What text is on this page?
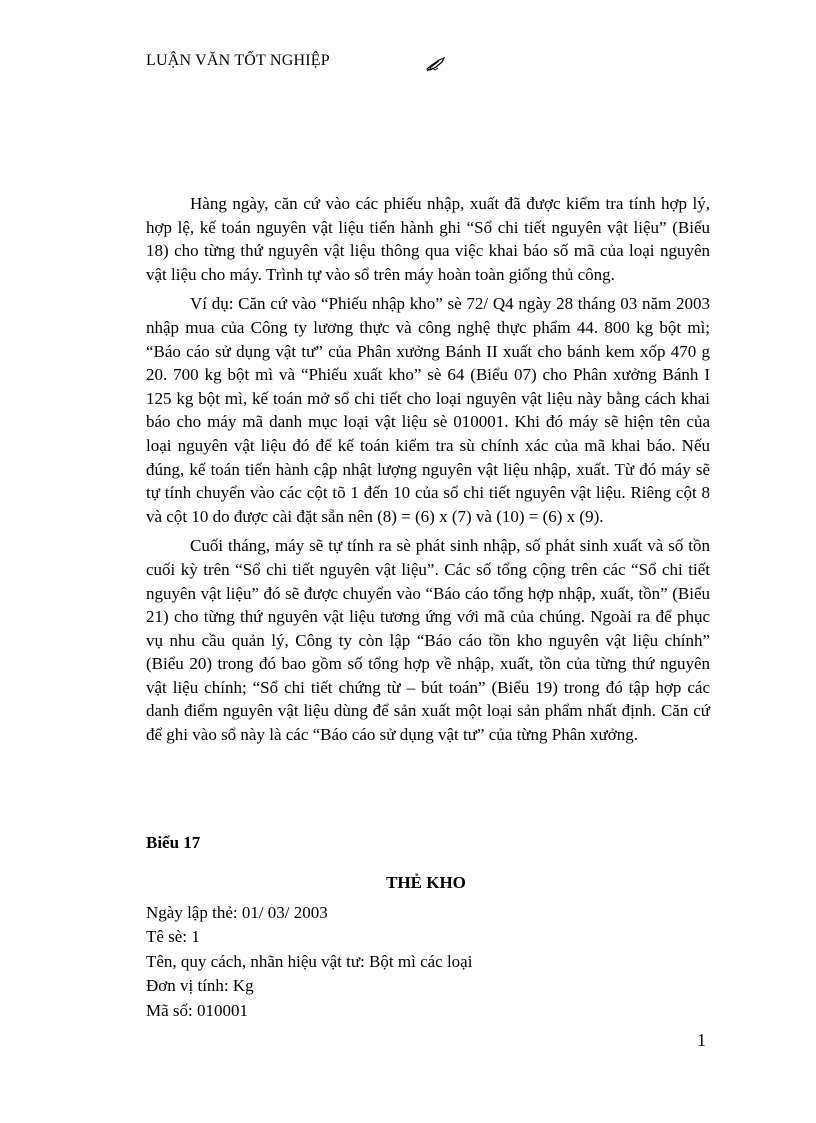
LUẬN VĂN TỐT NGHIỆP

Hàng ngày, căn cứ vào các phiếu nhập, xuất đã được kiểm tra tính hợp lý, hợp lệ, kế toán nguyên vật liệu tiến hành ghi “Sổ chi tiết nguyên vật liệu” (Biểu 18) cho từng thứ nguyên vật liệu thông qua việc khai báo số mã của loại nguyên vật liệu cho máy. Trình tự vào sổ trên máy hoàn toàn giống thủ công.

Ví dụ: Căn cứ vào “Phiếu nhập kho” sè 72/ Q4 ngày 28 tháng 03 năm 2003 nhập mua của Công ty lương thực và công nghệ thực phẩm 44. 800 kg bột mì; “Báo cáo sử dụng vật tư” của Phân xưởng Bánh II xuất cho bánh kem xốp 470 g 20. 700 kg bột mì và “Phiếu xuất kho” sè 64 (Biểu 07) cho Phân xưởng Bánh I 125 kg bột mì, kế toán mở sổ chi tiết cho loại nguyên vật liệu này bằng cách khai báo cho máy mã danh mục loại vật liệu sè 010001. Khi đó máy sẽ hiện tên của loại nguyên vật liệu đó để kế toán kiểm tra sù chính xác của mã khai báo. Nếu đúng, kế toán tiến hành cập nhật lượng nguyên vật liệu nhập, xuất. Từ đó máy sẽ tự tính chuyển vào các cột tõ 1 đến 10 của sổ chi tiết nguyên vật liệu. Riêng cột 8 và cột 10 do được cài đặt sẵn nên (8) = (6) x (7) và (10) = (6) x (9).

Cuối tháng, máy sẽ tự tính ra sè phát sinh nhập, số phát sinh xuất và số tồn cuối kỳ trên “Sổ chi tiết nguyên vật liệu”. Các số tổng cộng trên các “Sổ chi tiết nguyên vật liệu” đó sẽ được chuyển vào “Báo cáo tổng hợp nhập, xuất, tồn” (Biểu 21) cho từng thứ nguyên vật liệu tương ứng với mã của chúng. Ngoài ra để phục vụ nhu cầu quản lý, Công ty còn lập “Báo cáo tồn kho nguyên vật liệu chính” (Biểu 20) trong đó bao gồm số tổng hợp về nhập, xuất, tồn của từng thứ nguyên vật liệu chính; “Sổ chi tiết chứng từ – bút toán” (Biểu 19) trong đó tập hợp các danh điểm nguyên vật liệu dùng để sản xuất một loại sản phẩm nhất định. Căn cứ để ghi vào sổ này là các “Báo cáo sử dụng vật tư” của từng Phân xưởng.

Biểu 17
THẺ KHO
Ngày lập thẻ: 01/ 03/ 2003
Tê sè: 1
Tên, quy cách, nhãn hiệu vật tư: Bột mì các loại
Đơn vị tính: Kg
Mã số: 010001
1
